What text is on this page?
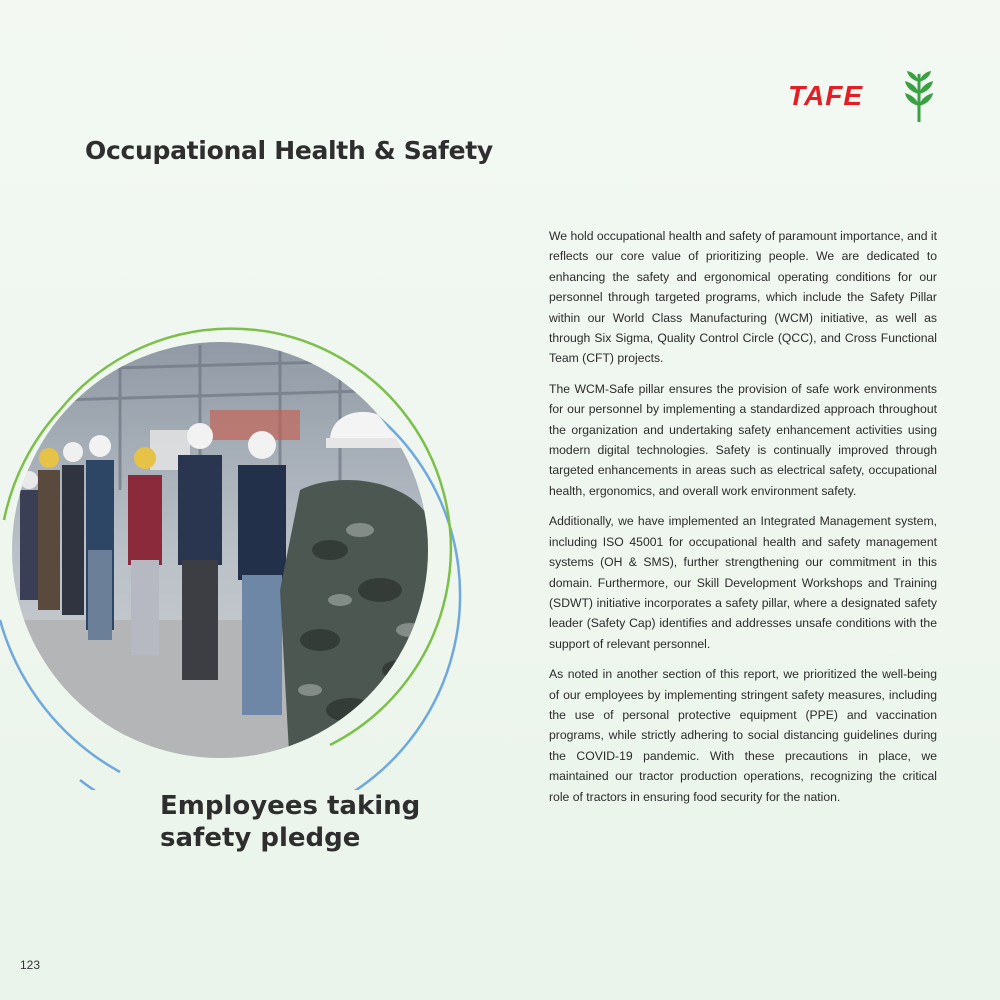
TAFE
Occupational Health & Safety
Employees taking
safety pledge

We hold occupational health and safety of paramount importance, and it reflects our core value of prioritizing people. We are dedicated to enhancing the safety and ergonomical operating conditions for our personnel through targeted programs, which include the Safety Pillar within our World Class Manufacturing (WCM) initiative, as well as through Six Sigma, Quality Control Circle (QCC), and Cross Functional Team (CFT) projects.

The WCM-Safe pillar ensures the provision of safe work environments for our personnel by implementing a standardized approach throughout the organization and undertaking safety enhancement activities using modern digital technologies. Safety is continually improved through targeted enhancements in areas such as electrical safety, occupational health, ergonomics, and overall work environment safety.

Additionally, we have implemented an Integrated Management system, including ISO 45001 for occupational health and safety management systems (OH & SMS), further strengthening our commitment in this domain. Furthermore, our Skill Development Workshops and Training (SDWT) initiative incorporates a safety pillar, where a designated safety leader (Safety Cap) identifies and addresses unsafe conditions with the support of relevant personnel.

As noted in another section of this report, we prioritized the well-being of our employees by implementing stringent safety measures, including the use of personal protective equipment (PPE) and vaccination programs, while strictly adhering to social distancing guidelines during the COVID-19 pandemic. With these precautions in place, we maintained our tractor production operations, recognizing the critical role of tractors in ensuring food security for the nation.

123
